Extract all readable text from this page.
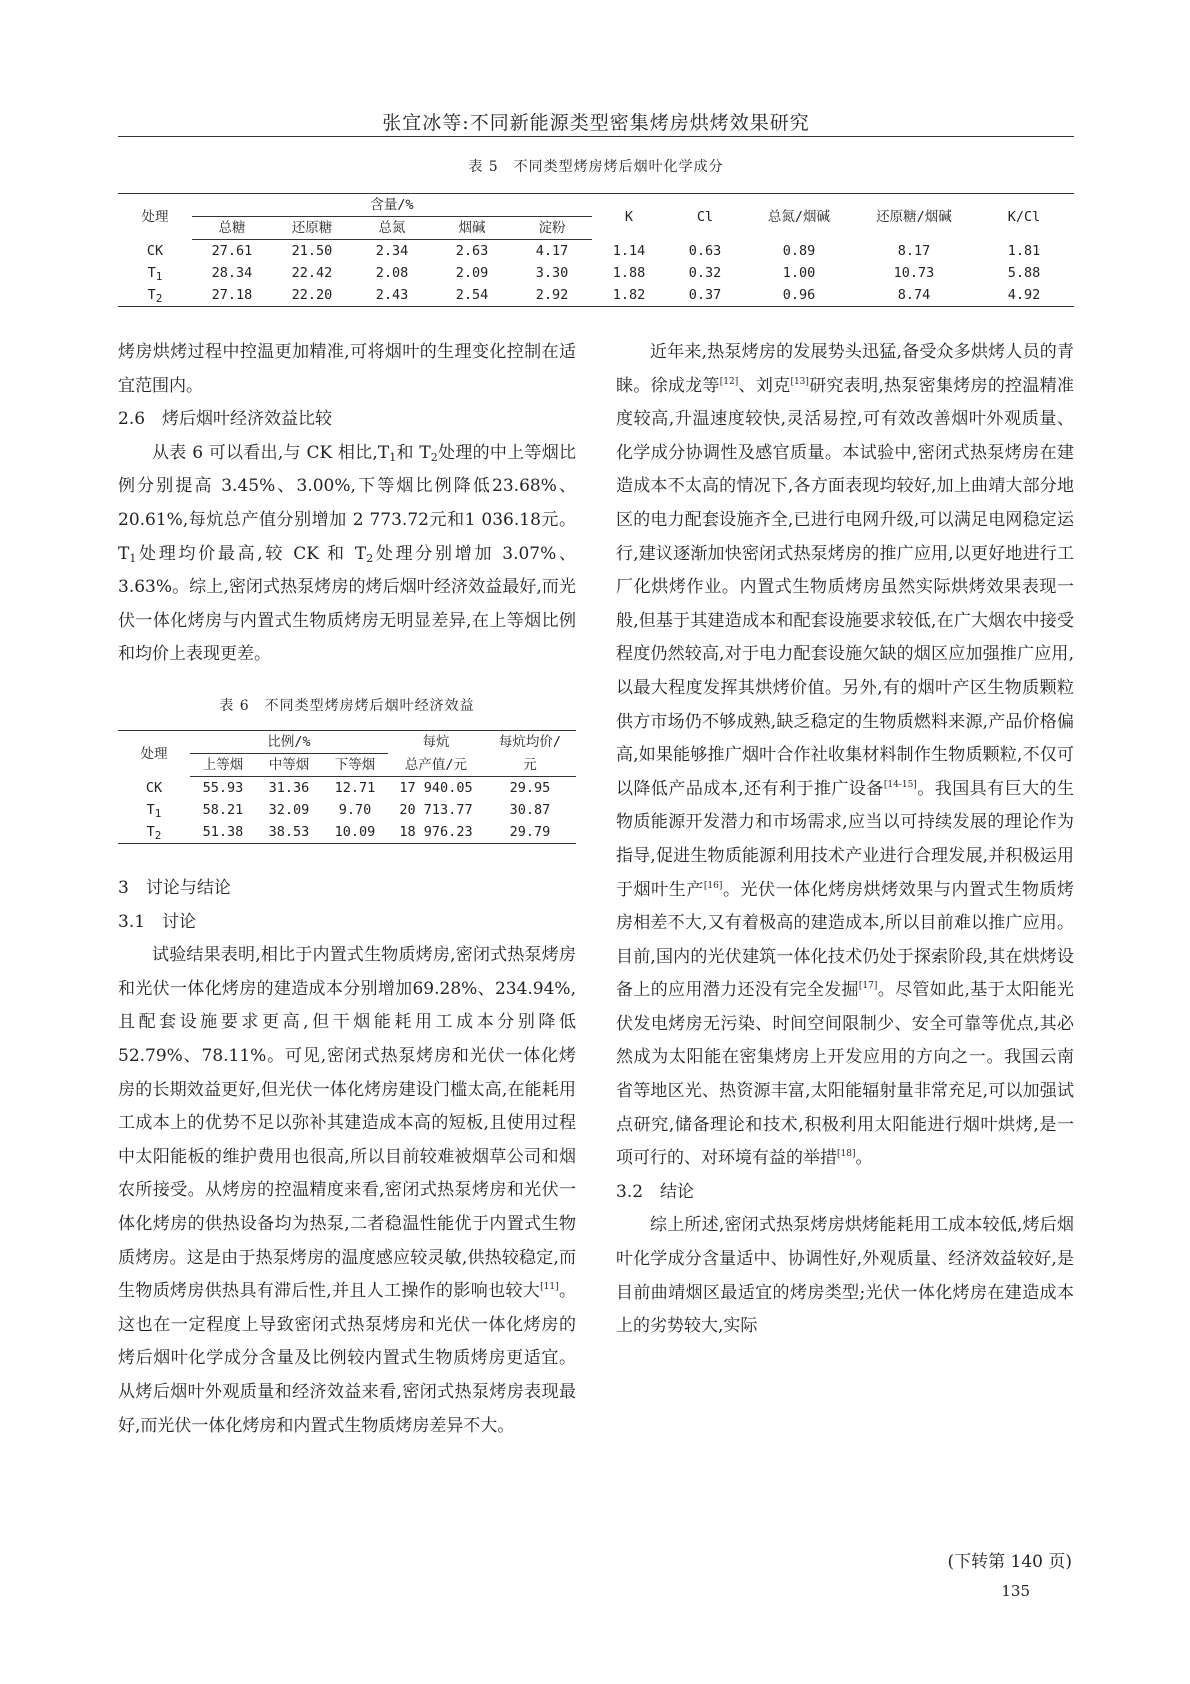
张宜冰等:不同新能源类型密集烤房烘烤效果研究
表 5　不同类型烤房烤后烟叶化学成分
处理	含量/%					K	Cl	总氮/烟碱	还原糖/烟碱	K/Cl
	总糖	还原糖	总氮	烟碱	淀粉					
CK	27.61	21.50	2.34	2.63	4.17	1.14	0.63	0.89	8.17	1.81
$T_1$	28.34	22.42	2.08	2.09	3.30	1.88	0.32	1.00	10.73	5.88
$T_2$	27.18	22.20	2.43	2.54	2.92	1.82	0.37	0.96	8.74	4.92

烤房烘烤过程中控温更加精准,可将烟叶的生理变化控制在适宜范围内。

2.6　烤后烟叶经济效益比较

从表 6 可以看出,与 CK 相比$,T_1$和 $T_2$处理的中上等烟比例分别提高 3.45%、3.00%,下等烟比例降低23.68%、20.61%,每炕总产值分别增加 2 773.72元和1 036.18元。$T_1$处理均价最高,较 CK 和 $T_2$处理分别增加 3.07%、3.63%。综上,密闭式热泵烤房的烤后烟叶经济效益最好,而光伏一体化烤房与内置式生物质烤房无明显差异,在上等烟比例和均价上表现更差。

表 6　不同类型烤房烤后烟叶经济效益
处理	比例/%			每炕	每炕均价/
	上等烟	中等烟	下等烟	总产值/元	元
CK	55.93	31.36	12.71	17 940.05	29.95
$T_1$	58.21	32.09	9.70	20 713.77	30.87
$T_2$	51.38	38.53	10.09	18 976.23	29.79

3　讨论与结论

3.1　讨论

试验结果表明,相比于内置式生物质烤房,密闭式热泵烤房和光伏一体化烤房的建造成本分别增加69.28%、234.94%,且配套设施要求更高,但干烟能耗用工成本分别降低 52.79%、78.11%。可见,密闭式热泵烤房和光伏一体化烤房的长期效益更好,但光伏一体化烤房建设门槛太高,在能耗用工成本上的优势不足以弥补其建造成本高的短板,且使用过程中太阳能板的维护费用也很高,所以目前较难被烟草公司和烟农所接受。从烤房的控温精度来看,密闭式热泵烤房和光伏一体化烤房的供热设备均为热泵,二者稳温性能优于内置式生物质烤房。这是由于热泵烤房的温度感应较灵敏,供热较稳定,而生物质烤房供热具有滞后性,并且人工操作的影响也较大[11]。这也在一定程度上导致密闭式热泵烤房和光伏一体化烤房的烤后烟叶化学成分含量及比例较内置式生物质烤房更适宜。从烤后烟叶外观质量和经济效益来看,密闭式热泵烤房表现最好,而光伏一体化烤房和内置式生物质烤房差异不大。

近年来,热泵烤房的发展势头迅猛,备受众多烘烤人员的青睐。徐成龙等[12]、刘克[13]研究表明,热泵密集烤房的控温精准度较高,升温速度较快,灵活易控,可有效改善烟叶外观质量、化学成分协调性及感官质量。本试验中,密闭式热泵烤房在建造成本不太高的情况下,各方面表现均较好,加上曲靖大部分地区的电力配套设施齐全,已进行电网升级,可以满足电网稳定运行,建议逐渐加快密闭式热泵烤房的推广应用,以更好地进行工厂化烘烤作业。内置式生物质烤房虽然实际烘烤效果表现一般,但基于其建造成本和配套设施要求较低,在广大烟农中接受程度仍然较高,对于电力配套设施欠缺的烟区应加强推广应用,以最大程度发挥其烘烤价值。另外,有的烟叶产区生物质颗粒供方市场仍不够成熟,缺乏稳定的生物质燃料来源,产品价格偏高,如果能够推广烟叶合作社收集材料制作生物质颗粒,不仅可以降低产品成本,还有利于推广设备[14-15]。我国具有巨大的生物质能源开发潜力和市场需求,应当以可持续发展的理论作为指导,促进生物质能源利用技术产业进行合理发展,并积极运用于烟叶生产[16]。光伏一体化烤房烘烤效果与内置式生物质烤房相差不大,又有着极高的建造成本,所以目前难以推广应用。目前,国内的光伏建筑一体化技术仍处于探索阶段,其在烘烤设备上的应用潜力还没有完全发掘[17]。尽管如此,基于太阳能光伏发电烤房无污染、时间空间限制少、安全可靠等优点,其必然成为太阳能在密集烤房上开发应用的方向之一。我国云南省等地区光、热资源丰富,太阳能辐射量非常充足,可以加强试点研究,储备理论和技术,积极利用太阳能进行烟叶烘烤,是一项可行的、对环境有益的举措[18]。

3.2　结论

综上所述,密闭式热泵烤房烘烤能耗用工成本较低,烤后烟叶化学成分含量适中、协调性好,外观质量、经济效益较好,是目前曲靖烟区最适宜的烤房类型;光伏一体化烤房在建造成本上的劣势较大,实际

(下转第 140 页)
135
